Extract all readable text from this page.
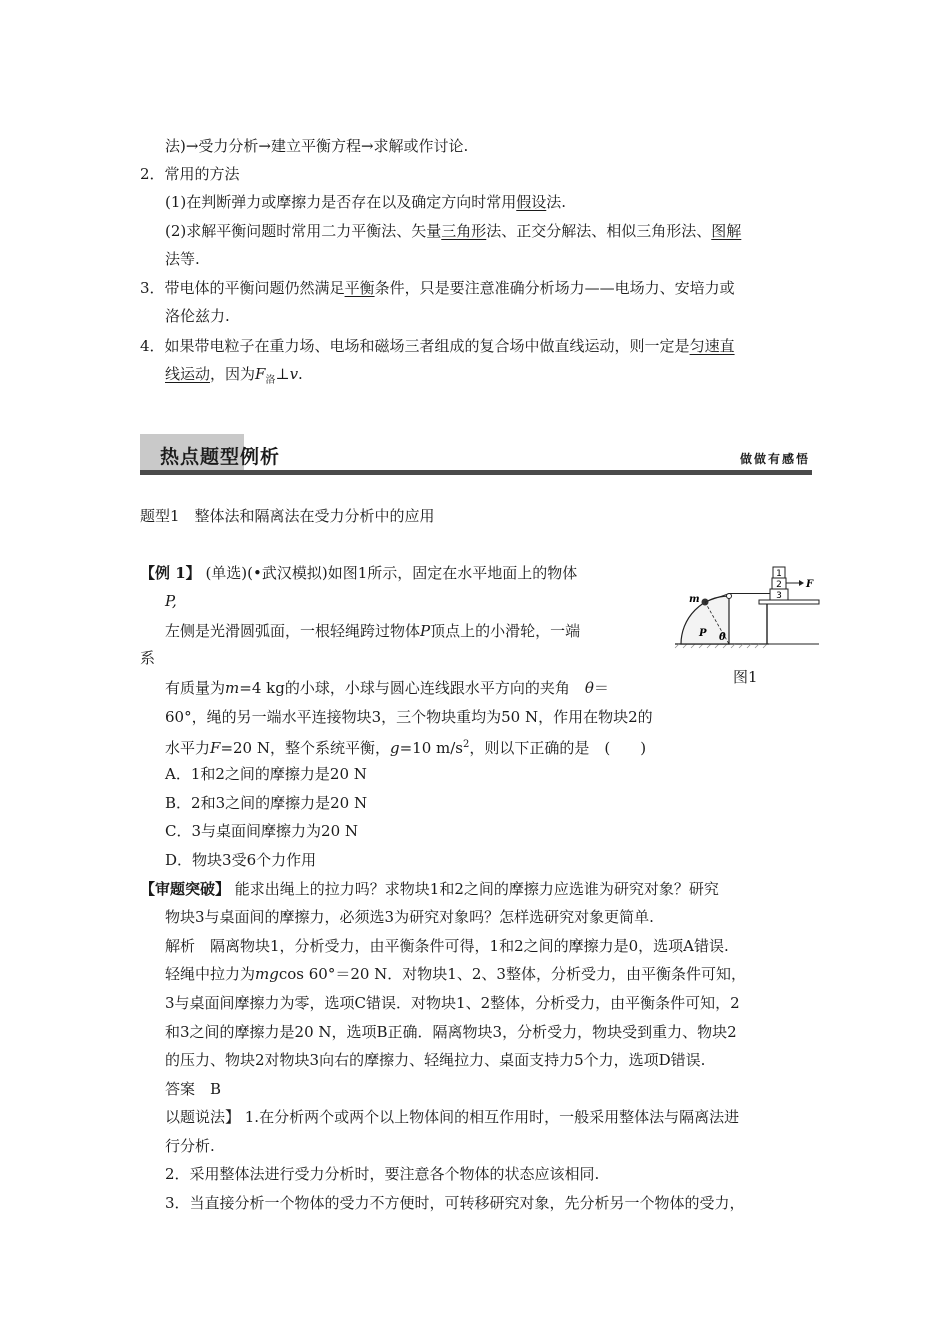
法)→受力分析→建立平衡方程→求解或作讨论.
2．常用的方法
(1)在判断弹力或摩擦力是否存在以及确定方向时常用假设法.
(2)求解平衡问题时常用二力平衡法、矢量三角形法、正交分解法、相似三角形法、图解
法等.
3．带电体的平衡问题仍然满足平衡条件，只是要注意准确分析场力——电场力、安培力或
洛伦兹力.
4．如果带电粒子在重力场、电场和磁场三者组成的复合场中做直线运动，则一定是匀速直
线运动，因为$F_洛\perp v$.
热点题型例析	做做有感悟
题型1　整体法和隔离法在受力分析中的应用
【例 1】 (单选)(•武汉模拟)如图1所示，固定在水平地面上的物体
P,
左侧是光滑圆弧面，一根轻绳跨过物体P顶点上的小滑轮，一端
系
有质量为m=4 kg的小球，小球与圆心连线跟水平方向的夹角　 θ＝
60°，绳的另一端水平连接物块3，三个物块重均为50 N，作用在物块2的
水平力F=20 N，整个系统平衡，g=10 $m/s^2$，则以下正确的是　(　　)
A．1和2之间的摩擦力是20 N
B．2和3之间的摩擦力是20 N
C．3与桌面间摩擦力为20 N
D．物块3受6个力作用
1
2
3
F
m
P θ
图1
【审题突破】 能求出绳上的拉力吗？求物块1和2之间的摩擦力应选谁为研究对象？研究
物块3与桌面间的摩擦力，必须选3为研究对象吗？怎样选研究对象更简单.
解析　隔离物块1，分析受力，由平衡条件可得，1和2之间的摩擦力是0，选项A错误.
轻绳中拉力为mgcos 60°＝20 N．对物块1、2、3整体，分析受力，由平衡条件可知，
3与桌面间摩擦力为零，选项C错误．对物块1、2整体，分析受力，由平衡条件可知，2
和3之间的摩擦力是20 N，选项B正确．隔离物块3，分析受力，物块受到重力、物块2
的压力、物块2对物块3向右的摩擦力、轻绳拉力、桌面支持力5个力，选项D错误.
答案　B
以题说法】 1.在分析两个或两个以上物体间的相互作用时，一般采用整体法与隔离法进
行分析.
2．采用整体法进行受力分析时，要注意各个物体的状态应该相同.
3．当直接分析一个物体的受力不方便时，可转移研究对象，先分析另一个物体的受力，
